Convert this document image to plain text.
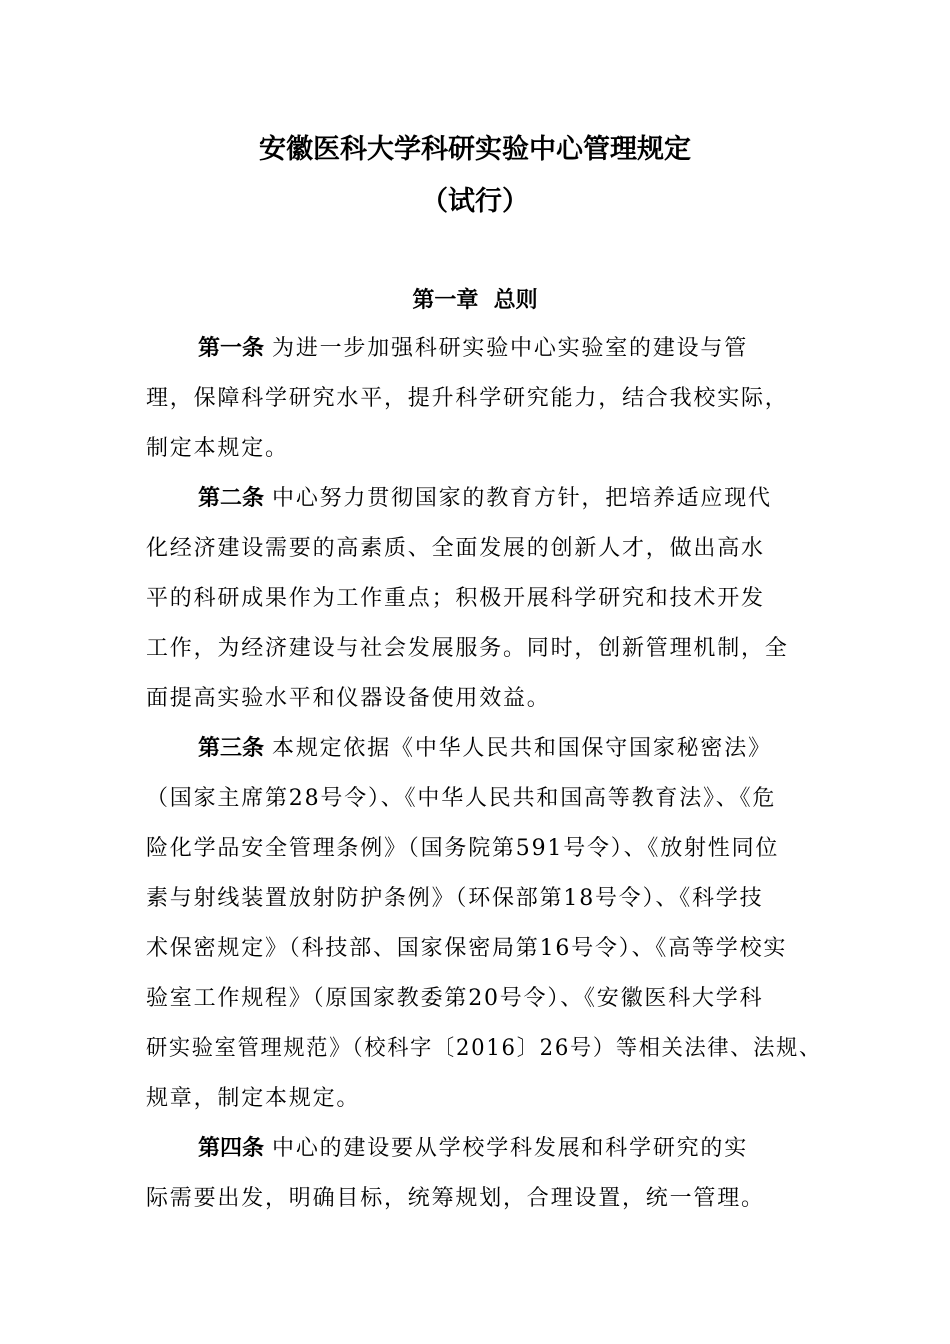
安徽医科大学科研实验中心管理规定
（试行）
第一章  总则
第一条 为进一步加强科研实验中心实验室的建设与管
理，保障科学研究水平，提升科学研究能力，结合我校实际，
制定本规定。
第二条 中心努力贯彻国家的教育方针，把培养适应现代
化经济建设需要的高素质、全面发展的创新人才，做出高水
平的科研成果作为工作重点；积极开展科学研究和技术开发
工作，为经济建设与社会发展服务。同时，创新管理机制，全
面提高实验水平和仪器设备使用效益。
第三条 本规定依据《中华人民共和国保守国家秘密法》
（国家主席第28号令）、《中华人民共和国高等教育法》、《危
险化学品安全管理条例》（国务院第591号令）、《放射性同位
素与射线装置放射防护条例》（环保部第18号令）、《科学技
术保密规定》（科技部、国家保密局第16号令）、《高等学校实
验室工作规程》（原国家教委第20号令）、《安徽医科大学科
研实验室管理规范》（校科字〔2016〕26号）等相关法律、法规、
规章，制定本规定。
第四条 中心的建设要从学校学科发展和科学研究的实
际需要出发，明确目标，统筹规划，合理设置，统一管理。
